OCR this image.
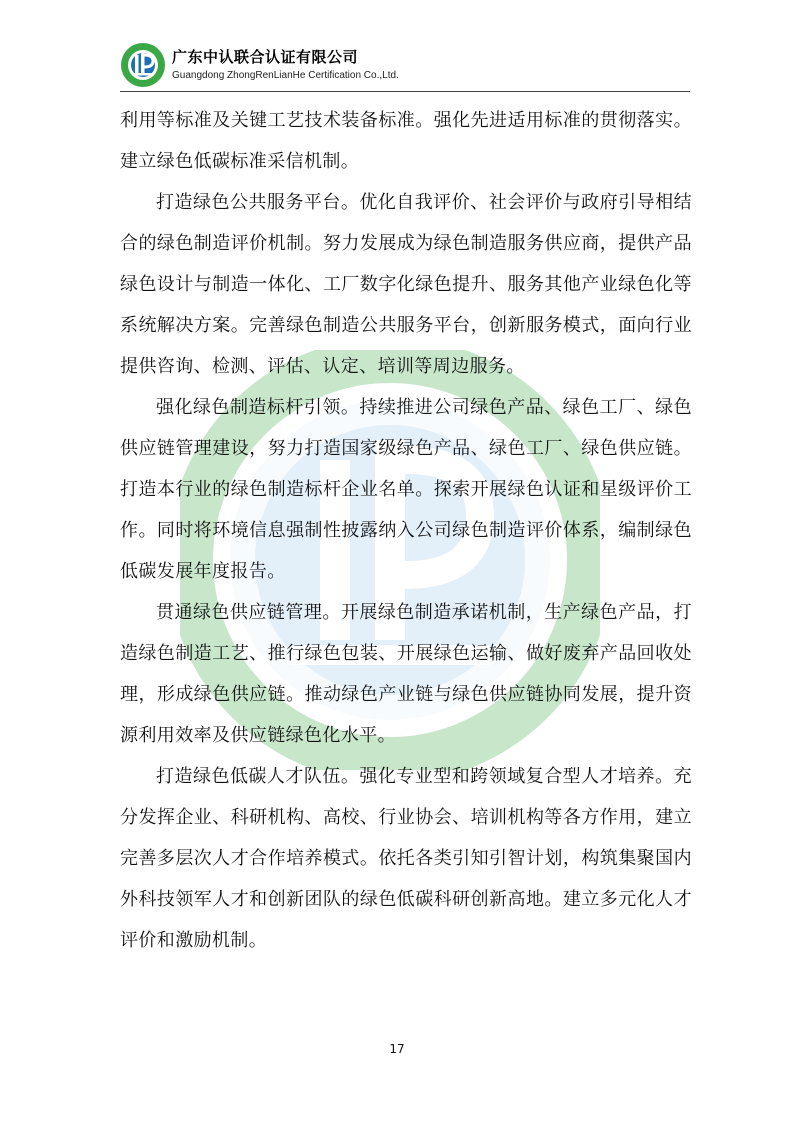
广东中认联合认证有限公司
Guangdong ZhongRenLianHe Certification Co.,Ltd.

利用等标准及关键工艺技术装备标准。强化先进适用标准的贯彻落实。建立绿色低碳标准采信机制。

打造绿色公共服务平台。优化自我评价、社会评价与政府引导相结合的绿色制造评价机制。努力发展成为绿色制造服务供应商，提供产品绿色设计与制造一体化、工厂数字化绿色提升、服务其他产业绿色化等系统解决方案。完善绿色制造公共服务平台，创新服务模式，面向行业提供咨询、检测、评估、认定、培训等周边服务。

强化绿色制造标杆引领。持续推进公司绿色产品、绿色工厂、绿色供应链管理建设，努力打造国家级绿色产品、绿色工厂、绿色供应链。打造本行业的绿色制造标杆企业名单。探索开展绿色认证和星级评价工作。同时将环境信息强制性披露纳入公司绿色制造评价体系，编制绿色低碳发展年度报告。

贯通绿色供应链管理。开展绿色制造承诺机制，生产绿色产品，打造绿色制造工艺、推行绿色包装、开展绿色运输、做好废弃产品回收处理，形成绿色供应链。推动绿色产业链与绿色供应链协同发展，提升资源利用效率及供应链绿色化水平。

打造绿色低碳人才队伍。强化专业型和跨领域复合型人才培养。充分发挥企业、科研机构、高校、行业协会、培训机构等各方作用，建立完善多层次人才合作培养模式。依托各类引知引智计划，构筑集聚国内外科技领军人才和创新团队的绿色低碳科研创新高地。建立多元化人才评价和激励机制。

17
